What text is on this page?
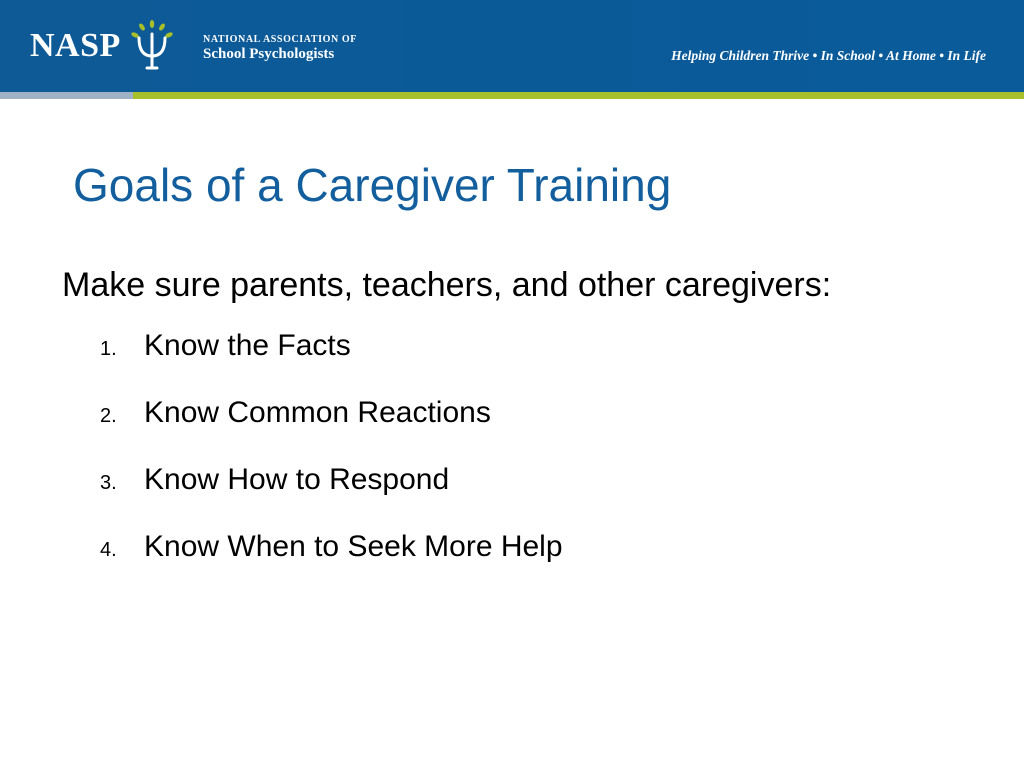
NASP	NATIONAL ASSOCIATION OF
School Psychologists	Helping Children Thrive • In School • At Home • In Life
Goals of a Caregiver Training
Make sure parents, teachers, and other caregivers:
1. Know the Facts
2. Know Common Reactions
3. Know How to Respond
4. Know When to Seek More Help
